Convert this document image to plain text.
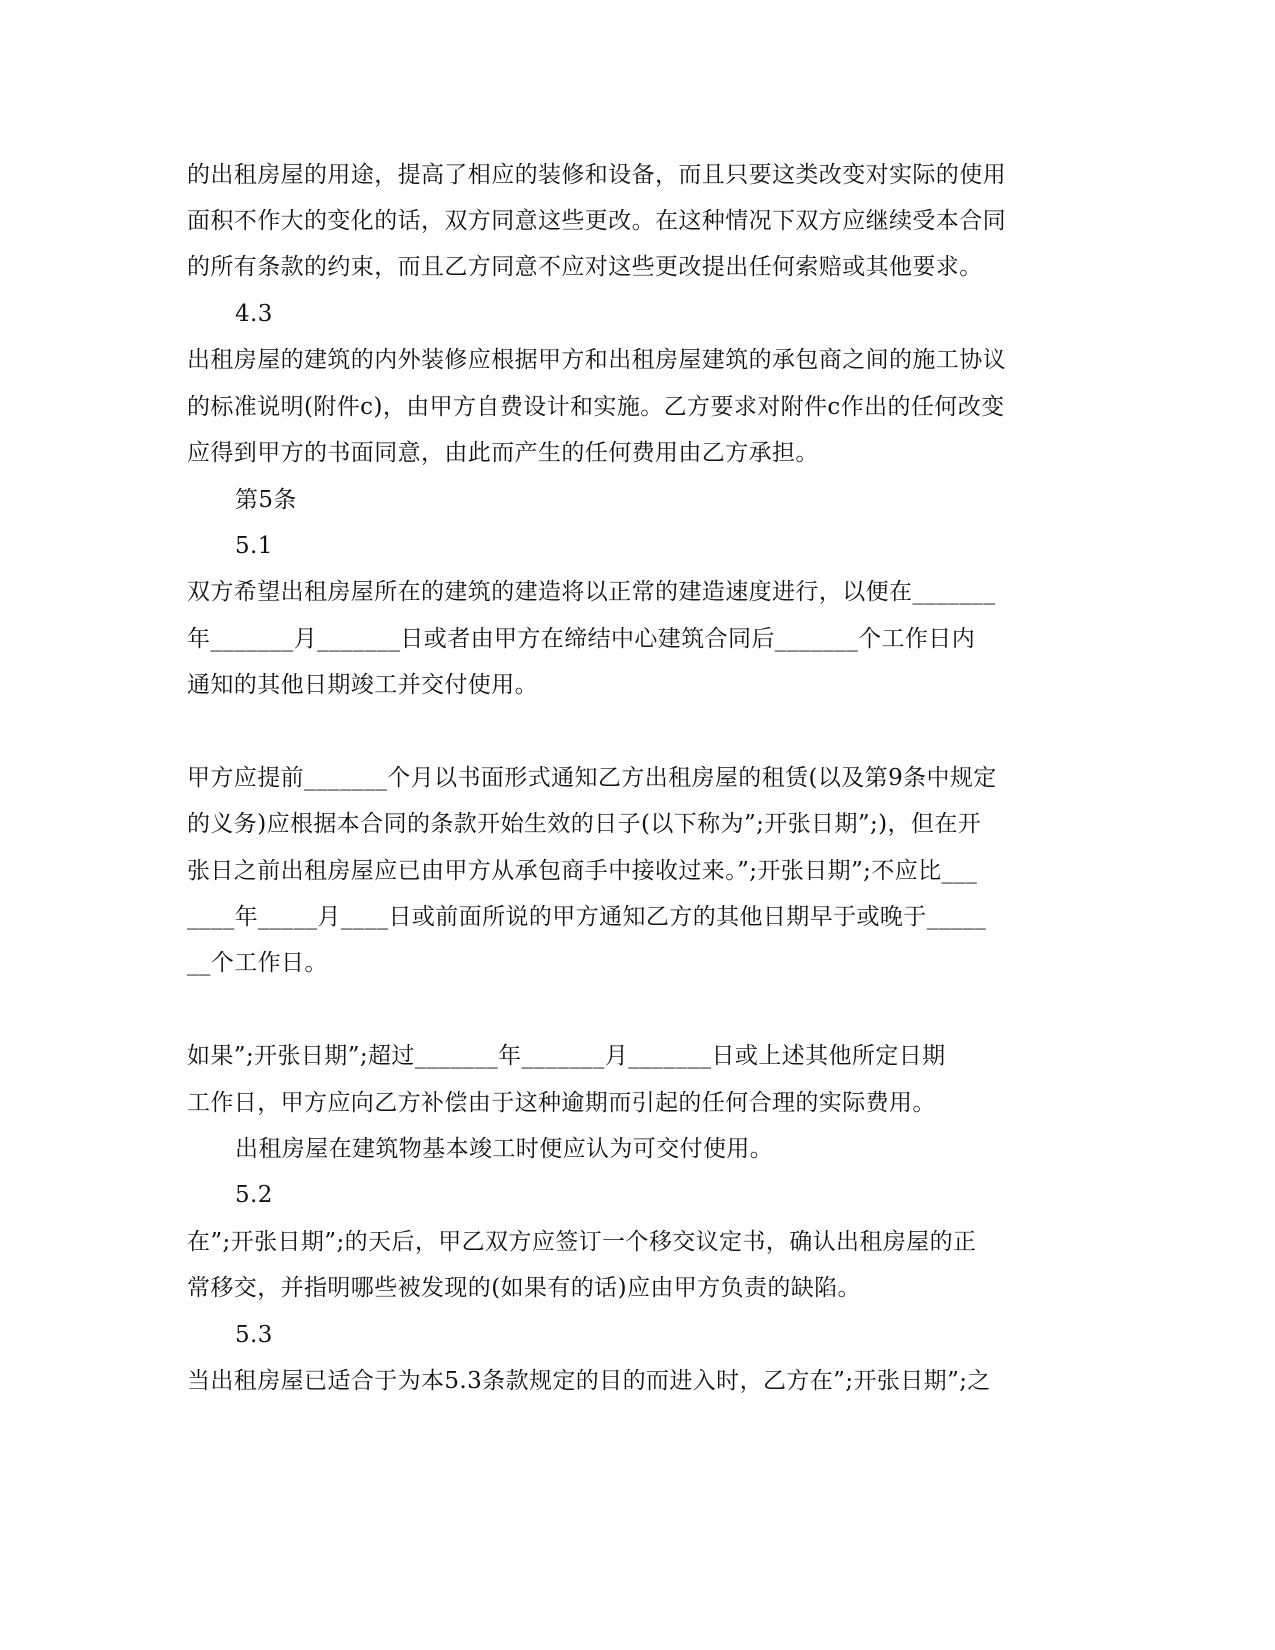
的出租房屋的用途，提高了相应的装修和设备，而且只要这类改变对实际的使用
面积不作大的变化的话，双方同意这些更改。在这种情况下双方应继续受本合同
的所有条款的约束，而且乙方同意不应对这些更改提出任何索赔或其他要求。
4.3
出租房屋的建筑的内外装修应根据甲方和出租房屋建筑的承包商之间的施工协议
的标准说明(附件c)，由甲方自费设计和实施。乙方要求对附件c作出的任何改变
应得到甲方的书面同意，由此而产生的任何费用由乙方承担。
第5条
5.1
双方希望出租房屋所在的建筑的建造将以正常的建造速度进行，以便在_______
年_______月_______日或者由甲方在缔结中心建筑合同后_______个工作日内
通知的其他日期竣工并交付使用。
甲方应提前_______个月以书面形式通知乙方出租房屋的租赁(以及第9条中规定
的义务)应根据本合同的条款开始生效的日子(以下称为”;开张日期”;)，但在开
张日之前出租房屋应已由甲方从承包商手中接收过来。”;开张日期”;不应比___
____年_____月____日或前面所说的甲方通知乙方的其他日期早于或晚于_____
__个工作日。
如果”;开张日期”;超过_______年_______月_______日或上述其他所定日期
工作日，甲方应向乙方补偿由于这种逾期而引起的任何合理的实际费用。
出租房屋在建筑物基本竣工时便应认为可交付使用。
5.2
在”;开张日期”;的天后，甲乙双方应签订一个移交议定书，确认出租房屋的正
常移交，并指明哪些被发现的(如果有的话)应由甲方负责的缺陷。
5.3
当出租房屋已适合于为本5.3条款规定的目的而进入时，乙方在”;开张日期”;之
